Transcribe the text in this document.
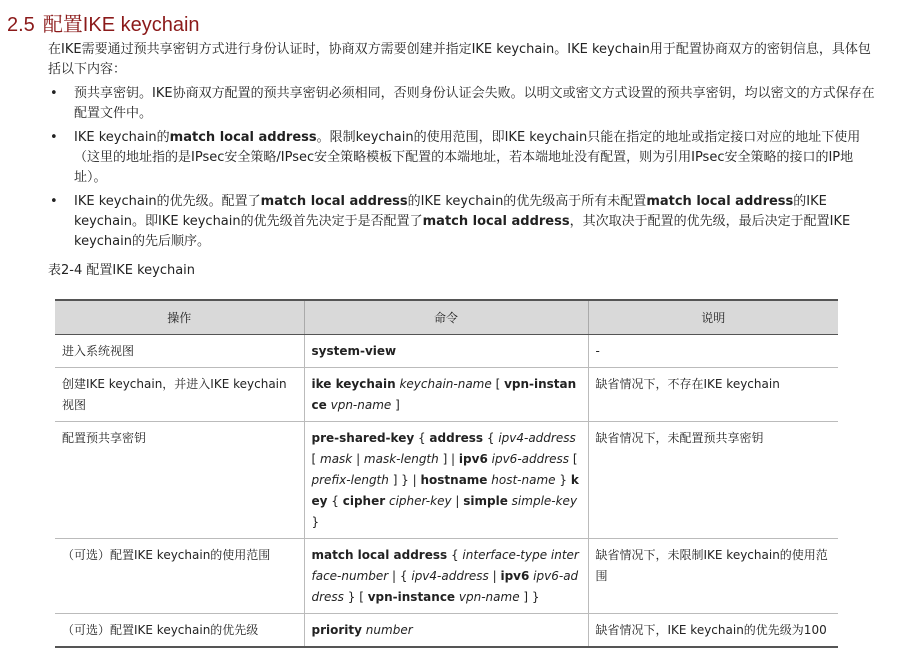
2.5 配置IKE keychain
在IKE需要通过预共享密钥方式进行身份认证时，协商双方需要创建并指定IKE keychain。IKE keychain用于配置协商双方的密钥信息，具体包括以下内容：
• 预共享密钥。IKE协商双方配置的预共享密钥必须相同，否则身份认证会失败。以明文或密文方式设置的预共享密钥，均以密文的方式保存在配置文件中。
• IKE keychain的match local address。限制keychain的使用范围，即IKE keychain只能在指定的地址或指定接口对应的地址下使用（这里的地址指的是IPsec安全策略/IPsec安全策略模板下配置的本端地址，若本端地址没有配置，则为引用IPsec安全策略的接口的IP地址）。
• IKE keychain的优先级。配置了match local address的IKE keychain的优先级高于所有未配置match local address的IKE keychain。即IKE keychain的优先级首先决定于是否配置了match local address，其次取决于配置的优先级，最后决定于配置IKE keychain的先后顺序。
表2-4 配置IKE keychain
操作	命令	说明
进入系统视图	system-view	-
创建IKE keychain，并进入IKE keychain视图	ike keychain keychain-name [ vpn-instance vpn-name ]	缺省情况下，不存在IKE keychain
配置预共享密钥	pre-shared-key { address { ipv4-address [ mask | mask-length ] | ipv6 ipv6-address [ prefix-length ] } | hostname host-name } key { cipher cipher-key | simple simple-key }	缺省情况下，未配置预共享密钥
（可选）配置IKE keychain的使用范围	match local address { interface-type interface-number | { ipv4-address | ipv6 ipv6-address } [ vpn-instance vpn-name ] }	缺省情况下，未限制IKE keychain的使用范围
（可选）配置IKE keychain的优先级	priority number	缺省情况下，IKE keychain的优先级为100
